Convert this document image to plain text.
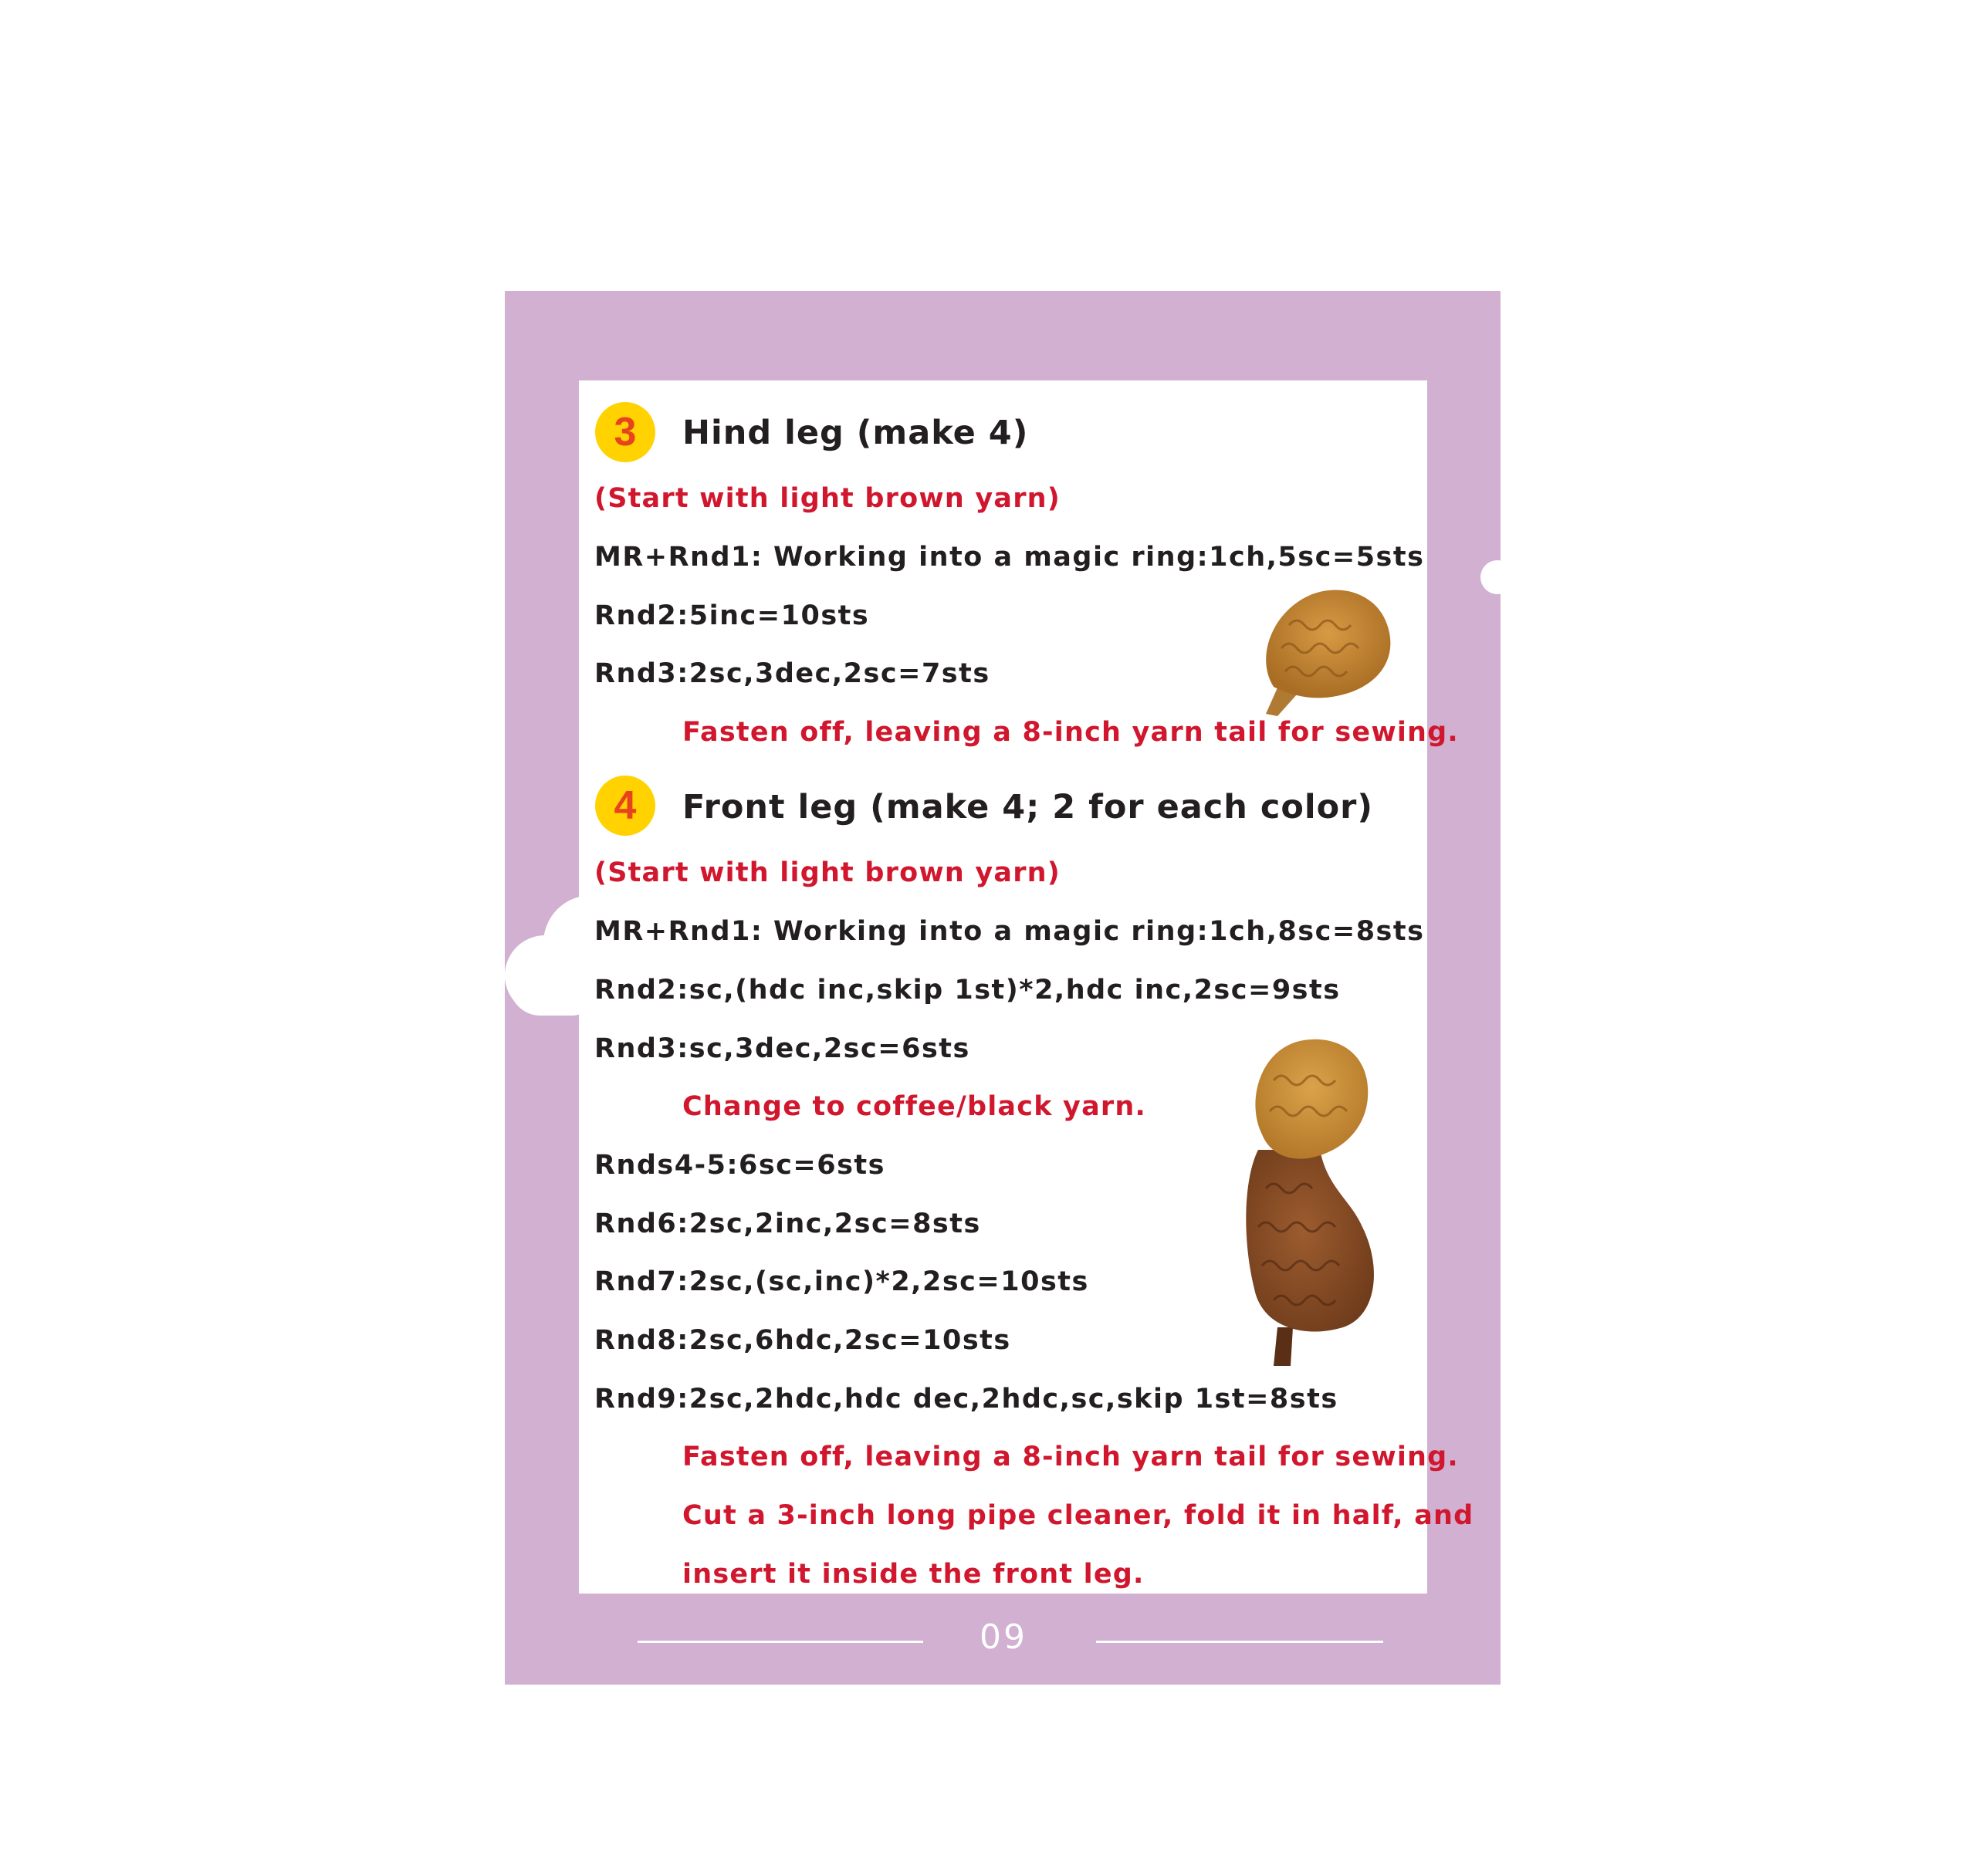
3	Hind leg (make 4)
(Start with light brown yarn)
MR+Rnd1: Working into a magic ring:1ch,5sc=5sts
Rnd2:5inc=10sts
Rnd3:2sc,3dec,2sc=7sts
Fasten off, leaving a 8-inch yarn tail for sewing.
4	Front leg (make 4; 2 for each color)
(Start with light brown yarn)
MR+Rnd1: Working into a magic ring:1ch,8sc=8sts
Rnd2:sc,(hdc inc,skip 1st)*2,hdc inc,2sc=9sts
Rnd3:sc,3dec,2sc=6sts
Change to coffee/black yarn.
Rnds4-5:6sc=6sts
Rnd6:2sc,2inc,2sc=8sts
Rnd7:2sc,(sc,inc)*2,2sc=10sts
Rnd8:2sc,6hdc,2sc=10sts
Rnd9:2sc,2hdc,hdc dec,2hdc,sc,skip 1st=8sts
Fasten off, leaving a 8-inch yarn tail for sewing.
Cut a 3-inch long pipe cleaner, fold it in half, and
insert it inside the front leg.
09
